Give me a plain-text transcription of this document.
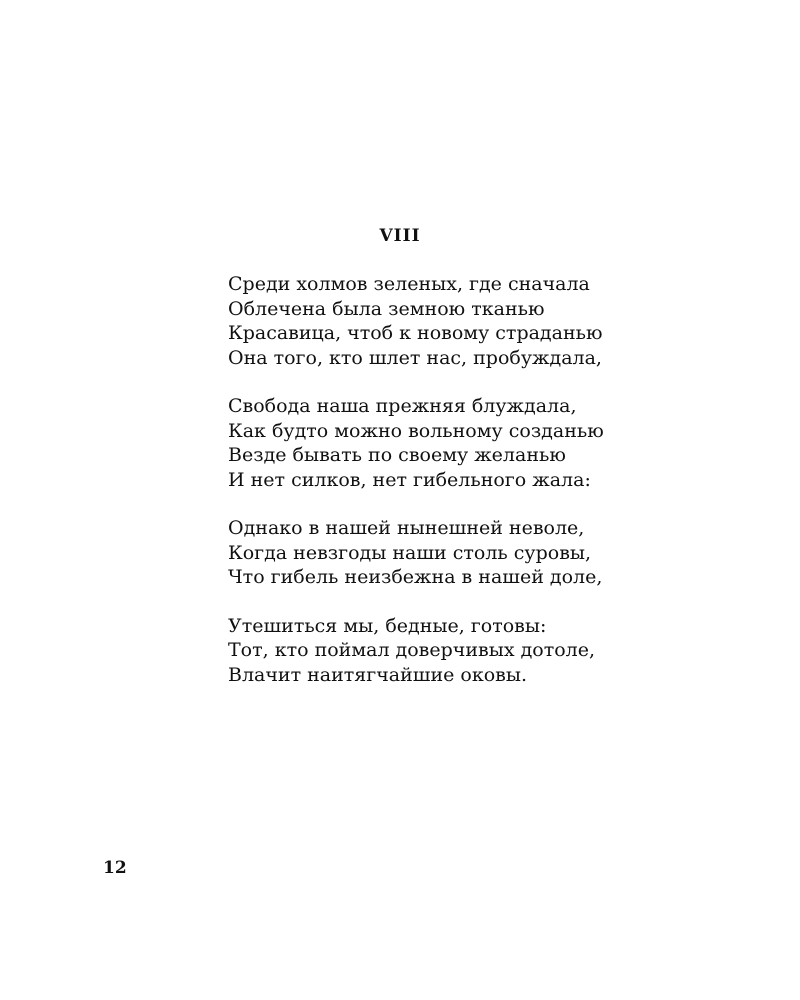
VIII
Среди холмов зеленых, где сначала
Облечена была земною тканью
Красавица, чтоб к новому страданью
Она того, кто шлет нас, пробуждала,
Свобода наша прежняя блуждала,
Как будто можно вольному созданью
Везде бывать по своему желанью
И нет силков, нет гибельного жала:
Однако в нашей нынешней неволе,
Когда невзгоды наши столь суровы,
Что гибель неизбежна в нашей доле,
Утешиться мы, бедные, готовы:
Тот, кто поймал доверчивых дотоле,
Влачит наитягчайшие оковы.
12
